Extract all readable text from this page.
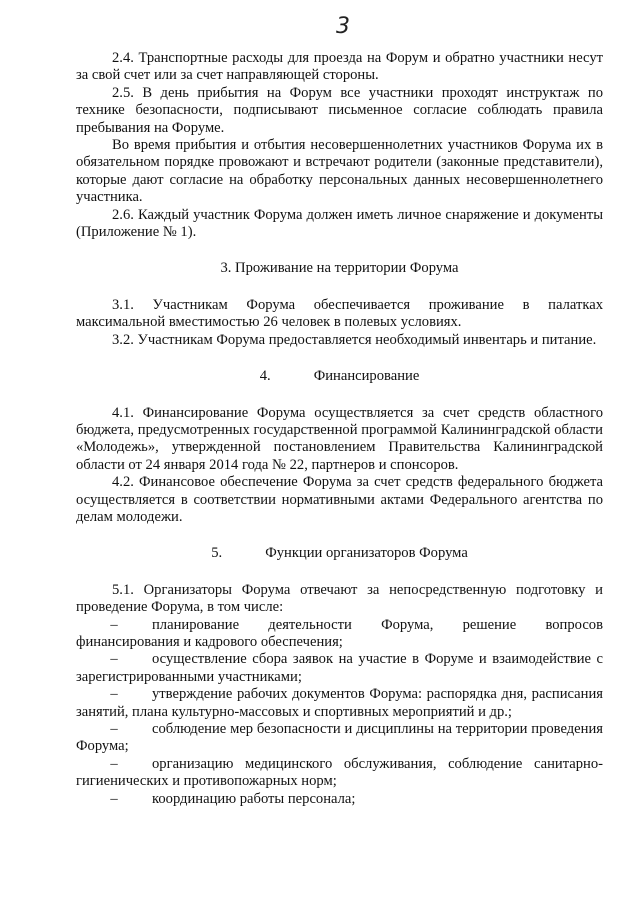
3

2.4. Транспортные расходы для проезда на Форум и обратно участники несут за свой счет или за счет направляющей стороны.

2.5. В день прибытия на Форум все участники проходят инструктаж по технике безопасности, подписывают письменное согласие соблюдать правила пребывания на Форуме.

Во время прибытия и отбытия несовершеннолетних участников Форума их в обязательном порядке провожают и встречают родители (законные представители), которые дают согласие на обработку персональных данных несовершеннолетнего участника.

2.6. Каждый участник Форума должен иметь личное снаряжение и документы (Приложение № 1).

3. Проживание на территории Форума

3.1. Участникам Форума обеспечивается проживание в палатках максимальной вместимостью 26 человек в полевых условиях.

3.2. Участникам Форума предоставляется необходимый инвентарь и питание.

4.	Финансирование

4.1. Финансирование Форума осуществляется за счет средств областного бюджета, предусмотренных государственной программой Калининградской области «Молодежь», утвержденной постановлением Правительства Калининградской области от 24 января 2014 года № 22, партнеров и спонсоров.

4.2. Финансовое обеспечение Форума за счет средств федерального бюджета осуществляется в соответствии нормативными актами Федерального агентства по делам молодежи.

5.	Функции организаторов Форума

5.1. Организаторы Форума отвечают за непосредственную подготовку и проведение Форума, в том числе:

– планирование деятельности Форума, решение вопросов финансирования и кадрового обеспечения;

– осуществление сбора заявок на участие в Форуме и взаимодействие с зарегистрированными участниками;

– утверждение рабочих документов Форума: распорядка дня, расписания занятий, плана культурно-массовых и спортивных мероприятий и др.;

– соблюдение мер безопасности и дисциплины на территории проведения Форума;

– организацию медицинского обслуживания, соблюдение санитарно-гигиенических и противопожарных норм;

– координацию работы персонала;
